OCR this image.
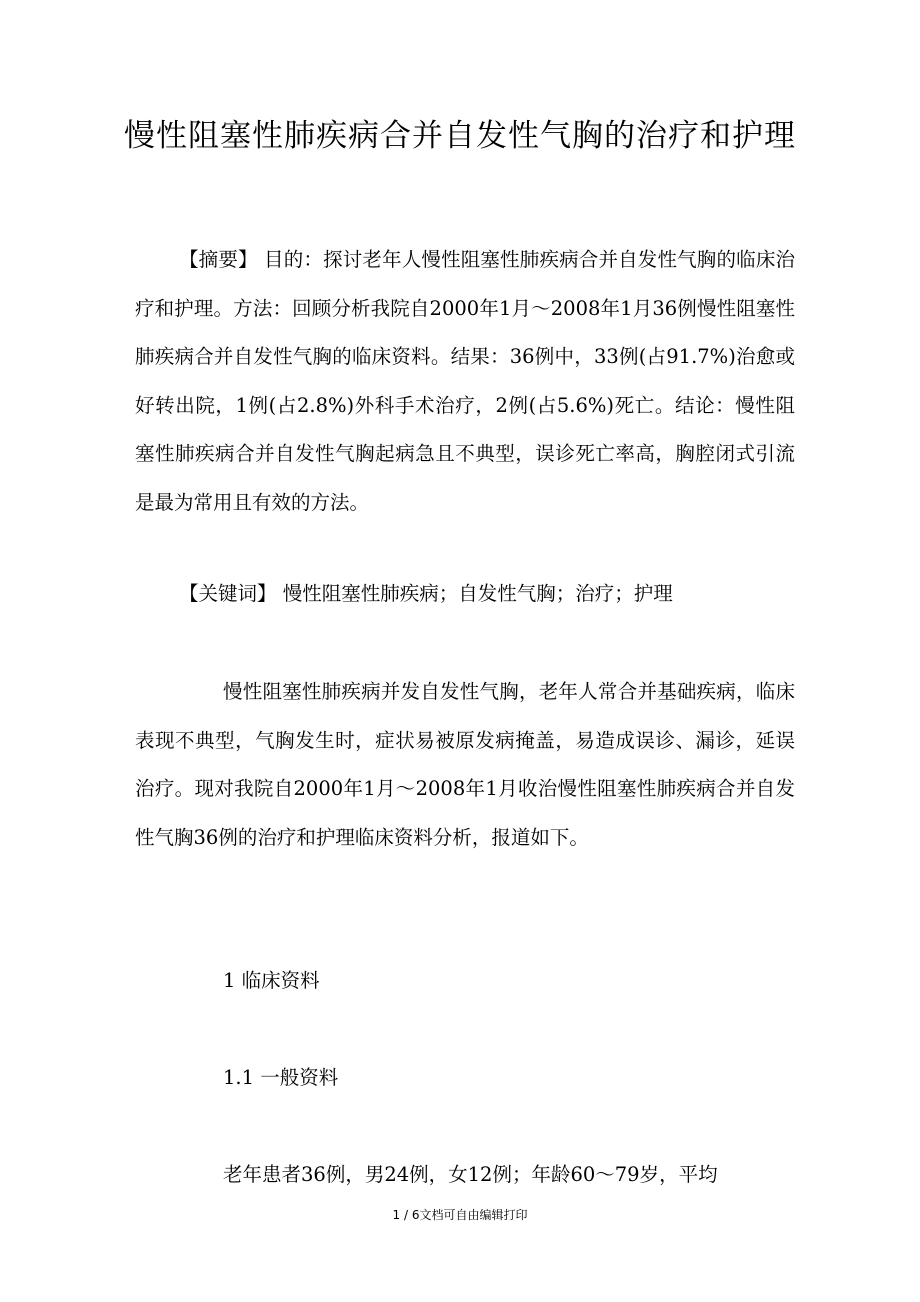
慢性阻塞性肺疾病合并自发性气胸的治疗和护理

【摘要】 目的：探讨老年人慢性阻塞性肺疾病合并自发性气胸的临床治疗和护理。方法：回顾分析我院自2000年1月～2008年1月36例慢性阻塞性肺疾病合并自发性气胸的临床资料。结果：36例中，33例(占91.7%)治愈或好转出院，1例(占2.8%)外科手术治疗，2例(占5.6%)死亡。结论：慢性阻塞性肺疾病合并自发性气胸起病急且不典型，误诊死亡率高，胸腔闭式引流是最为常用且有效的方法。

【关键词】 慢性阻塞性肺疾病；自发性气胸；治疗；护理

慢性阻塞性肺疾病并发自发性气胸，老年人常合并基础疾病，临床表现不典型，气胸发生时，症状易被原发病掩盖，易造成误诊、漏诊，延误治疗。现对我院自2000年1月～2008年1月收治慢性阻塞性肺疾病合并自发性气胸36例的治疗和护理临床资料分析，报道如下。

1 临床资料

1.1 一般资料

老年患者36例，男24例，女12例；年龄60～79岁，平均

1 / 6文档可自由编辑打印
